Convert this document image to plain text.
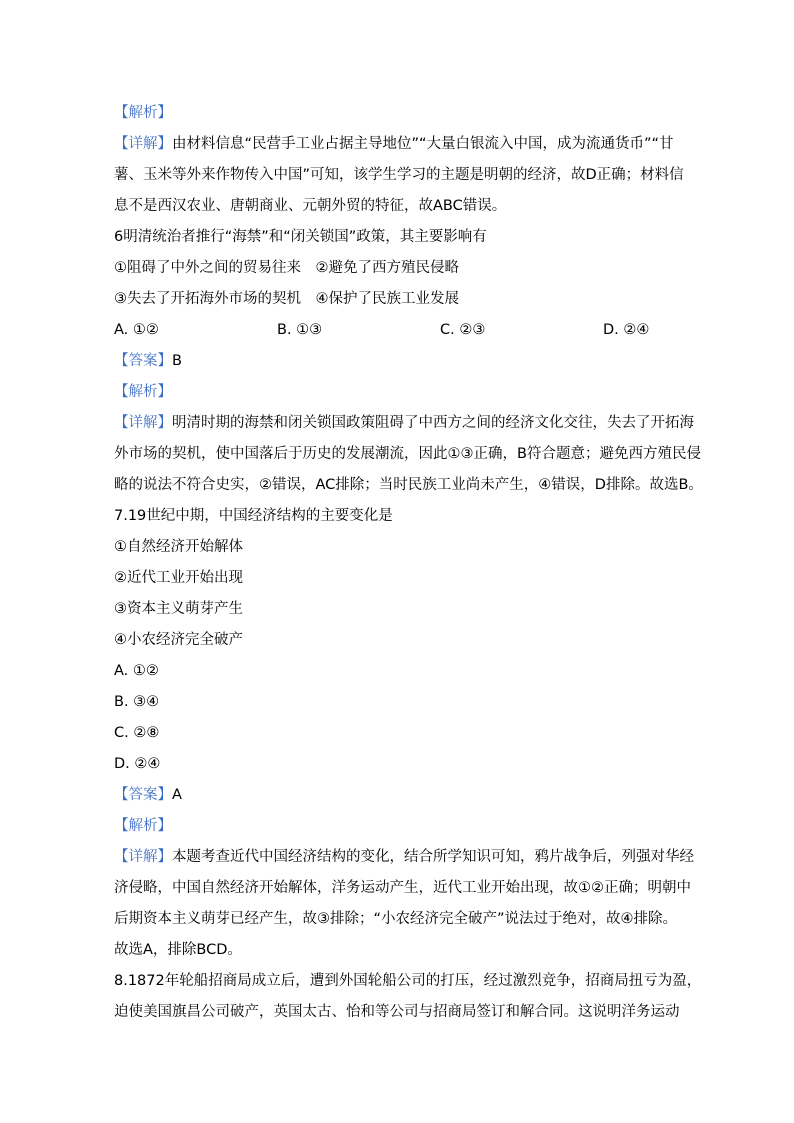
【解析】
【详解】由材料信息“民营手工业占据主导地位”“大量白银流入中国，成为流通货币”“甘
薯、玉米等外来作物传入中国”可知，该学生学习的主题是明朝的经济，故D正确；材料信
息不是西汉农业、唐朝商业、元朝外贸的特征，故ABC错误。
6明清统治者推行“海禁”和“闭关锁国”政策，其主要影响有
①阻碍了中外之间的贸易往来　②避免了西方殖民侵略
③失去了开拓海外市场的契机　④保护了民族工业发展
A. ①②	B. ①③	C. ②③	D. ②④
【答案】B
【解析】
【详解】明清时期的海禁和闭关锁国政策阻碍了中西方之间的经济文化交往，失去了开拓海
外市场的契机，使中国落后于历史的发展潮流，因此①③正确，B符合题意；避免西方殖民侵
略的说法不符合史实，②错误，AC排除；当时民族工业尚未产生，④错误，D排除。故选B。
7.19世纪中期，中国经济结构的主要变化是
①自然经济开始解体
②近代工业开始出现
③资本主义萌芽产生
④小农经济完全破产
A. ①②
B. ③④
C. ②⑧
D. ②④
【答案】A
【解析】
【详解】本题考查近代中国经济结构的变化，结合所学知识可知，鸦片战争后，列强对华经
济侵略，中国自然经济开始解体，洋务运动产生，近代工业开始出现，故①②正确；明朝中
后期资本主义萌芽已经产生，故③排除；“小农经济完全破产”说法过于绝对，故④排除。
故选A，排除BCD。
8.1872年轮船招商局成立后，遭到外国轮船公司的打压，经过激烈竞争，招商局扭亏为盈，
迫使美国旗昌公司破产，英国太古、怡和等公司与招商局签订和解合同。这说明洋务运动
